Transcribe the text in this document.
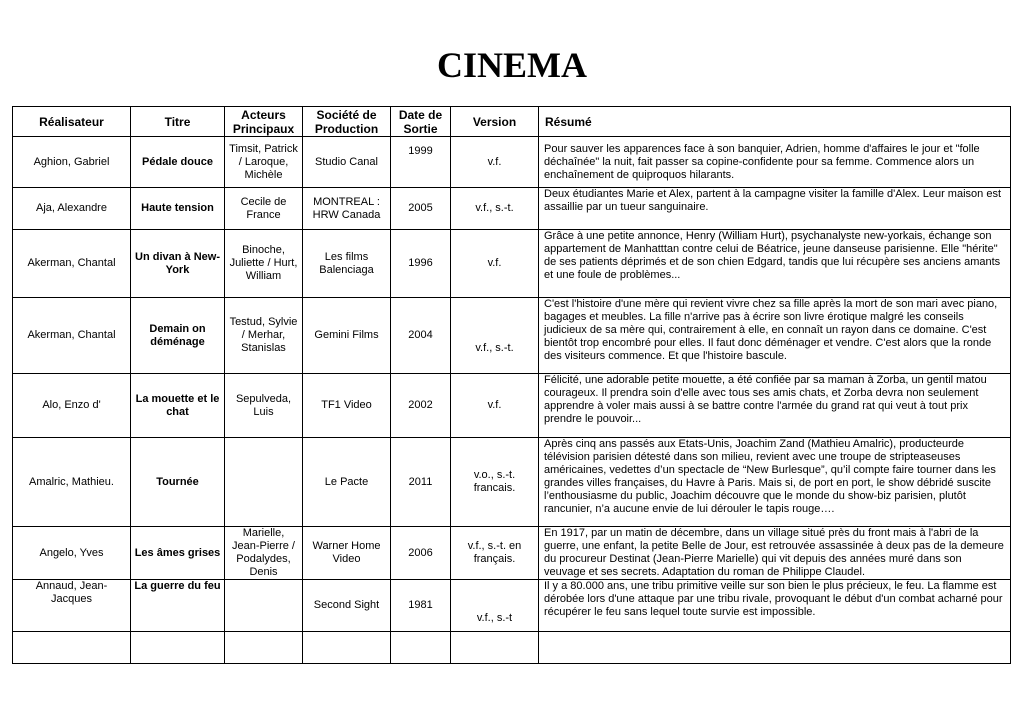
CINEMA
Réalisateur	Titre	Acteurs Principaux	Société de Production	Date de Sortie	Version	Résumé
Aghion, Gabriel	Pédale douce	Timsit, Patrick / Laroque, Michèle	Studio Canal	1999	v.f.	Pour sauver les apparences face à son banquier, Adrien, homme d'affaires le jour et "folle déchaînée" la nuit, fait passer sa copine-confidente pour sa femme. Commence alors un enchaînement de quiproquos hilarants.
Aja, Alexandre	Haute tension	Cecile de France	MONTREAL : HRW Canada	2005	v.f., s.-t.	Deux étudiantes Marie et Alex, partent à la campagne visiter la famille d'Alex. Leur maison est assaillie par un tueur sanguinaire.
Akerman, Chantal	Un divan à New-York	Binoche, Juliette / Hurt, William	Les films Balenciaga	1996	v.f.	Grâce à une petite annonce, Henry (William Hurt), psychanalyste new-yorkais, échange son appartement de Manhatttan contre celui de Béatrice, jeune danseuse parisienne. Elle "hérite" de ses patients déprimés et de son chien Edgard, tandis que lui récupère ses anciens amants et une foule de problèmes...
Akerman, Chantal	Demain on déménage	Testud, Sylvie / Merhar, Stanislas	Gemini Films	2004	v.f., s.-t.	C'est l'histoire d'une mère qui revient vivre chez sa fille après la mort de son mari avec piano, bagages et meubles. La fille n'arrive pas à écrire son livre érotique malgré les conseils judicieux de sa mère qui, contrairement à elle, en connaît un rayon dans ce domaine. C'est bientôt trop encombré pour elles. Il faut donc déménager et vendre. C'est alors que la ronde des visiteurs commence. Et que l'histoire bascule.
Alo, Enzo d'	La mouette et le chat	Sepulveda, Luis	TF1 Video	2002	v.f.	Félicité, une adorable petite mouette, a été confiée par sa maman à Zorba, un gentil matou courageux. Il prendra soin d'elle avec tous ses amis chats, et Zorba devra non seulement apprendre à voler mais aussi à se battre contre l'armée du grand rat qui veut à tout prix prendre le pouvoir...
Amalric, Mathieu.	Tournée		Le Pacte	2011	v.o., s.-t. francais.	Après cinq ans passés aux Etats-Unis, Joachim Zand (Mathieu Amalric), producteurde télévision parisien détesté dans son milieu, revient avec une troupe de stripteaseuses américaines, vedettes d’un spectacle de “New Burlesque”, qu’il compte faire tourner dans les grandes villes françaises, du Havre à Paris. Mais si, de port en port, le show débridé suscite l’enthousiasme du public, Joachim découvre que le monde du show-biz parisien, plutôt rancunier, n’a aucune envie de lui dérouler le tapis rouge….
Angelo, Yves	Les âmes grises	Marielle, Jean-Pierre / Podalydes, Denis	Warner Home Video	2006	v.f., s.-t. en français.	En 1917, par un matin de décembre, dans un village situé près du front mais à l'abri de la guerre, une enfant, la petite Belle de Jour, est retrouvée assassinée à deux pas de la demeure du procureur Destinat (Jean-Pierre Marielle) qui vit depuis des années muré dans son veuvage et ses secrets. Adaptation du roman de Philippe Claudel.
Annaud, Jean-Jacques	La guerre du feu		Second Sight	1981	v.f., s.-t	Il y a 80.000 ans, une tribu primitive veille sur son bien le plus précieux, le feu. La flamme est dérobée lors d'une attaque par une tribu rivale, provoquant le début d'un combat acharné pour récupérer le feu sans lequel toute survie est impossible.
